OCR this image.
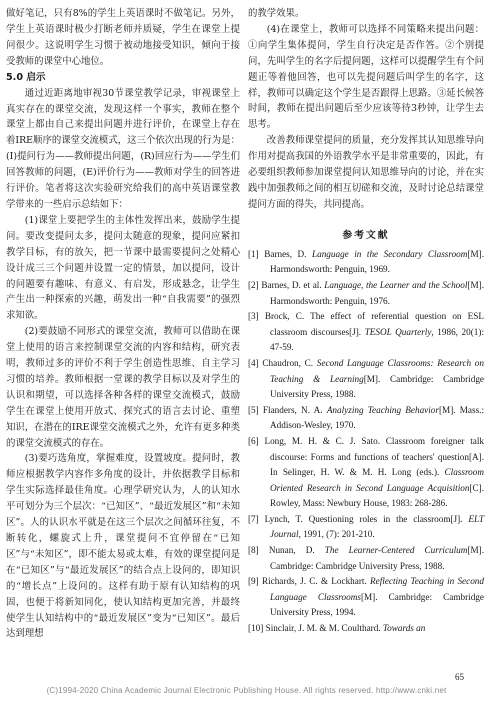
做好笔记，只有8%的学生上英语课时不做笔记。另外，学生上英语课时极少打断老师并质疑，学生在课堂上提问很少。这说明学生习惯于被动地接受知识，倾向于接受教师的课堂中心地位。

5.0 启示

通过近距离地审视30节课堂教学记录，审视课堂上真实存在的课堂交流，发现这样一个事实，教师在整个课堂上都由自己来提出问题并进行评价，在课堂上存在着IRE顺序的课堂交流模式，这三个依次出现的行为是：(I)提问行为——教师提出问题，(R)回应行为——学生们回答教师的问题，(E)评价行为——教师对学生的回答进行评价。笔者将这次实验研究给我们的高中英语课堂教学带来的一些启示总结如下：

(1)课堂上要把学生的主体性发挥出来，鼓励学生提问。要改变提问太多，提问太随意的现象，提问应紧扣教学目标，有的放矢，把一节课中最需要提问之处精心设计成三三个问题并设置一定的情景，加以提问，设计的问题要有趣味、有意义、有启发，形成悬念，让学生产生出一种探索的兴趣，萌发出一种“自我需要”的强烈求知欲。

(2)要鼓励不同形式的课堂交流，教师可以借助在课堂上使用的语言来控制课堂交流的内容和结构，研究表明，教师过多的评价不利于学生创造性思维、自主学习习惯的培养。教师根据一堂课的教学目标以及对学生的认识和期望，可以选择各种各样的课堂交流模式，鼓励学生在课堂上使用开放式、探究式的语言去讨论、重塑知识，在潜在的IRE课堂交流模式之外，允许有更多种类的课堂交流模式的存在。

(3)要巧选角度，掌握难度，设置坡度。提问时，教师应根据教学内容作多角度的设计，并依据教学目标和学生实际选择最佳角度。心理学研究认为，人的认知水平可划分为三个层次：“已知区”、“最近发展区”和“未知区”。人的认识水平就是在这三个层次之间循环往复，不断转化，螺旋式上升，课堂提问不宜停留在“已知区”与“未知区”，即不能太易或太难，有效的课堂提问是在“已知区”与“最近发展区”的结合点上设问的，即知识的“增长点”上设问的。这样有助于原有认知结构的巩固，也便于将新知同化，使认知结构更加完善，并最终使学生认知结构中的“最近发展区”变为“已知区”。最后达到理想

的教学效果。

(4)在课堂上，教师可以选择不同策略来提出问题：①向学生集体提问，学生自行决定是否作答。②个别提问，先叫学生的名字后提问题，这样可以提醒学生有个问题正等着他回答，也可以先提问题后叫学生的名字，这样，教师可以确定这个学生是否跟得上思路。③延长候答时间，教师在提出问题后至少应该等待3秒钟，让学生去思考。

改善教师课堂提问的质量，充分发挥其认知思维导向作用对提高我国的外语教学水平是非常重要的，因此，有必要组织教师参加课堂提问认知思维导向的讨论，并在实践中加强教师之间的相互切磋和交流，及时讨论总结课堂提问方面的得失，共同提高。

参考文献

[1] Barnes, D. Language in the Secondary Classroom[M]. Harmondsworth: Penguin, 1969.

[2] Barnes, D. et al. Language, the Learner and the School[M]. Harmondsworth: Penguin, 1976.

[3] Brock, C. The effect of referential question on ESL classroom discourses[J]. TESOL Quarterly, 1986, 20(1): 47-59.

[4] Chaudron, C. Second Language Classrooms: Research on Teaching & Learning[M]. Cambridge: Cambridge University Press, 1988.

[5] Flanders, N. A. Analyzing Teaching Behavior[M]. Mass.: Addison-Wesley, 1970.

[6] Long, M. H. & C. J. Sato. Classroom foreigner talk discourse: Forms and functions of teachers' question[A]. In Selinger, H. W. & M. H. Long (eds.). Classroom Oriented Research in Second Language Acquisition[C]. Rowley, Mass: Newbury House, 1983: 268-286.

[7] Lynch, T. Questioning roles in the classroom[J]. ELT Journal, 1991, (7): 201-210.

[8] Nunan, D. The Learner-Centered Curriculum[M]. Cambridge: Cambridge University Press, 1988.

[9] Richards, J. C. & Lockhart. Reflecting Teaching in Second Language Classrooms[M]. Cambridge: Cambridge University Press, 1994.

[10] Sinclair, J. M. & M. Coulthard. Towards an

65
(C)1994-2020 China Academic Journal Electronic Publishing House. All rights reserved. http://www.cnki.net
